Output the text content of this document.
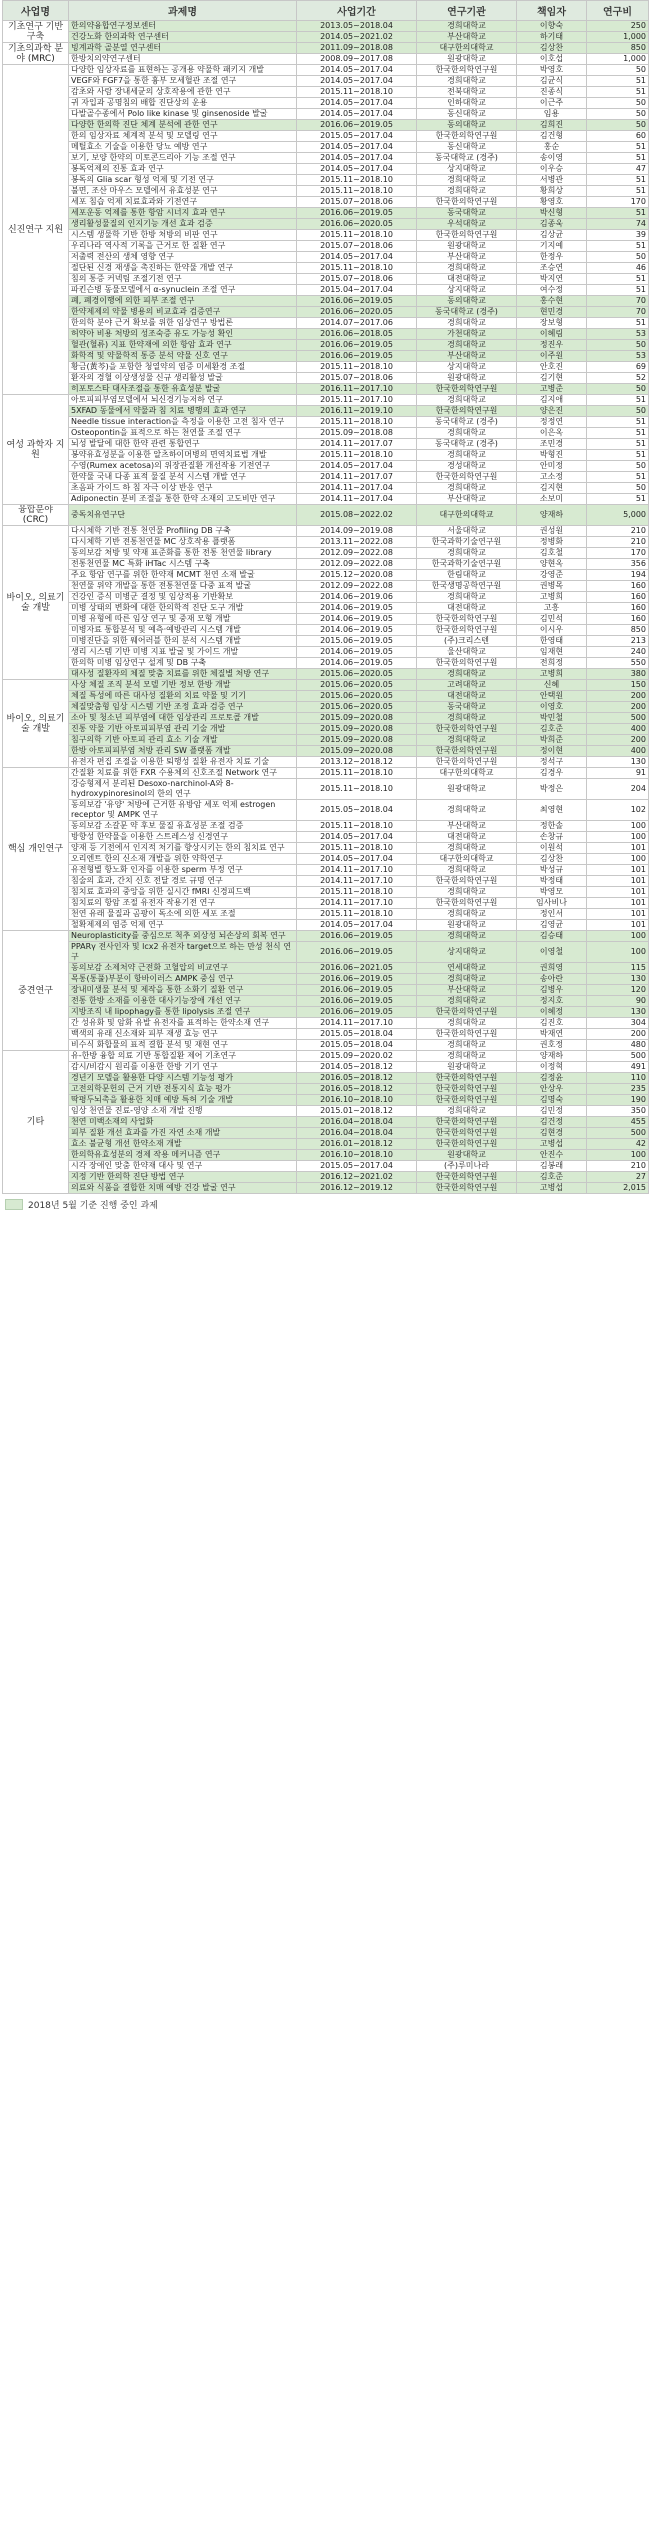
사업명	과제명	사업기간	연구기관	책임자	연구비
기초연구 기반구축	한의약융합연구정보센터	2013.05~2018.04	경희대학교	이향숙	250
	건강노화 한의과학 연구센터	2014.05~2021.02	부산대학교	하기태	1,000
기초의과학 분야 (MRC)	빙계과학 골분열 연구센터	2011.09~2018.08	대구한의대학교	김상찬	850
	한방치의약연구센터	2008.09~2017.08	원광대학교	이호섭	1,000
신진연구 지원	다양한 임상자료를 표현하는 공개용 약물학 패키지 개발	2014.05~2017.04	한국한의학연구원	박영호	50
	VEGF와 FGF7을 통한 흉부 모세혈관 조절 연구	2014.05~2017.04	경희대학교	김균식	51
	감초와 사람 장내세균의 상호작용에 관한 연구	2015.11~2018.10	전북대학교	진종식	51
	귀 자입과 공명침의 배합 진단상의 운용	2014.05~2017.04	인하대학교	이근주	50
	다발골수종에서 Polo like kinase 및 ginsenoside 발굴	2014.05~2017.04	동신대학교	임용	50
	다양한 한의학 진단 체계 분석에 관한 연구	2016.06~2019.05	동의대학교	김희진	50
	한의 임상자료 체계적 분석 및 모델링 연구	2015.05~2017.04	한국한의학연구원	김건형	60
	메틸효소 기술을 이용한 당뇨 예방 연구	2014.05~2017.04	동신대학교	홍순	51
	보기, 보양 한약의 미토콘드리아 기능 조절 연구	2014.05~2017.04	동국대학교 (경주)	송이영	51
	봉독억제의 진통 효과 연구	2014.05~2017.04	상지대학교	이우승	47
	봉독의 Glia scar 형성 억제 및 기전 연구	2015.11~2018.10	경희대학교	서병관	51
	불면, 조산 마우스 모델에서 유효성분 연구	2015.11~2018.10	경희대학교	황희상	51
	세포 침습 억제 치료효과와 기전연구	2015.07~2018.06	한국한의학연구원	황영호	170
	세포운동 억제를 통한 항암 시너지 효과 연구	2016.06~2019.05	동국대학교	박신형	51
	생리활성물질의 인지기능 개선 효과 검증	2016.06~2020.05	우석대학교	김종욱	74
	시스템 생물학 기반 한방 처방의 비판 연구	2015.11~2018.10	한국한의학연구원	김상균	39
	우리나라 역사적 기록을 근거로 한 질환 연구	2015.07~2018.06	원광대학교	기지예	51
	저출력 전산의 생체 영향 연구	2014.05~2017.04	부산대학교	한정우	50
	절단된 신경 재생을 촉진하는 한약물 개발 연구	2015.11~2018.10	경희대학교	조승연	46
	침의 통증 커넥팀 조절기전 연구	2015.07~2018.06	대전대학교	박지연	51
	파킨슨병 동물모델에서 α-synuclein 조절 연구	2015.04~2017.04	상지대학교	여수정	51
	폐, 폐경이행에 의한 피부 조절 연구	2016.06~2019.05	동의대학교	홍수현	70
	한약제제의 약물 병용의 비교효과 검증연구	2016.06~2020.05	동국대학교 (경주)	현민경	70
	한의학 분야 근거 확보를 위한 임상연구 방법론	2014.07~2017.06	경희대학교	장보형	51
	허약아 비용 처방의 성조숙증 유도 가능성 확인	2016.06~2018.05	가천대학교	이혜림	53
	혈관(혈류) 지표 한약재에 의한 항암 효과 연구	2016.06~2019.05	경희대학교	정진우	50
	화학적 및 약물학적 통증 분석 약물 신호 연구	2016.06~2019.05	부산대학교	이주원	53
	황금(黃芩)을 포함한 청열약의 염증 미세환경 조절	2015.11~2018.10	상지대학교	안호진	69
	환자의 경혈 이상생성물 신규 생리활성 발굴	2015.07~2018.06	원광대학교	김기현	52
	히포토스타 대사조절을 통한 유효성분 발굴	2016.11~2017.10	한국한의학연구원	고병준	50
여성 과학자 지원	아토피피부염모델에서 뇌신경기능저하 연구	2015.11~2017.10	경희대학교	김지애	51
	5XFAD 동물에서 약물과 침 치료 병행의 효과 연구	2016.11~2019.10	한국한의학연구원	양은진	50
	Needle tissue interaction을 측정을 이용한 고전 침자 연구	2015.11~2018.10	동국대학교 (경주)	정정연	51
	Osteopontin을 표적으로 하는 천연물 조절 연구	2015.09~2018.08	경희대학교	이은옥	51
	뇌성 발달에 대한 한약 관련 통합연구	2014.11~2017.07	동국대학교 (경주)	조민경	51
	봉약유효성분을 이용한 알츠하이머병의 면역치료법 개발	2015.11~2018.10	경희대학교	박형진	51
	수영(Rumex acetosa)의 위장관질환 개선작용 기전연구	2014.05~2017.04	경성대학교	안미정	50
	한약물 국내 다종 표적 물질 분석 시스템 개발 연구	2014.11~2017.07	한국한의학연구원	고소정	51
	초음파 가이드 하 침 자극 이상 반응 연구	2014.11~2017.04	경희대학교	김지현	50
	Adiponectin 분비 조절을 통한 한약 소재의 고도비만 연구	2014.11~2017.04	부산대학교	소보미	51
융합분야 (CRC)	중독치유연구단	2015.08~2022.02	대구한의대학교	양재하	5,000
바이오, 의료기술 개발	다시체학 기반 전통 천연물 Profiling DB 구축	2014.09~2019.08	서울대학교	권성원	210
	다시체학 기반 전통천연물 MC 상호작용 플랫폼	2013.11~2022.08	한국과학기술연구원	정병화	210
	동의보감 처방 및 약재 표준화를 통한 전통 천연물 library	2012.09~2022.08	경희대학교	김호철	170
	전통천연물 MC 특화 iHTac 시스템 구축	2012.09~2022.08	한국과학기술연구원	양현옥	356
	주요 항암 연구를 위한 한약재 MCMT 천연 소재 발굴	2015.12~2020.08	한림대학교	강영준	194
	천연물 위약 개발을 통한 전통천연물 다중 표적 발굴	2012.09~2022.08	한국생명공학연구원	권병목	160
	건강인 증식 미병군 결정 및 임상적용 기반확보	2014.06~2019.06	경희대학교	고병희	160
	미병 상태의 변화에 대한 한의학적 진단 도구 개발	2014.06~2019.05	대전대학교	고흥	160
	미병 유형에 따른 임상 연구 및 중재 모형 개발	2014.06~2019.05	한국한의학연구원	김민석	160
	미병자료 통합분석 및 예측·예방관리 시스템 개발	2014.06~2019.05	한국한의학연구원	이시우	850
	미병진단을 위한 웨어러블 한의 분석 시스템 개발	2015.06~2019.05	(주)크리스텐	한영태	213
	생리 시스템 기반 미병 지표 발굴 및 가이드 개발	2014.06~2019.05	울산대학교	임재현	240
	한의학 미병 임상연구 설계 및 DB 구축	2014.06~2019.05	한국한의학연구원	전희정	550
	대사성 질환자의 체질 맞춤 치료를 위한 체질별 처방 연구	2015.06~2020.05	경희대학교	고병희	380
바이오, 의료기술 개발	사상 체질 조직 분석 모델 기반 정보 한방 개발	2015.06~2020.05	고려대학교	신혜	150
	체질 특성에 따른 대사성 질환의 치료 약물 및 기기	2015.06~2020.05	대전대학교	안택원	200
	체질맞춤형 임상 시스템 기반 조정 효과 검증 연구	2015.06~2020.05	동국대학교	이영호	200
	소아 및 청소년 피부염에 대한 임상관리 프로토콜 개발	2015.09~2020.08	경희대학교	박민철	500
	진통 약물 기반 아토피피부염 관리 기술 개발	2015.09~2020.08	한국한의학연구원	김호준	400
	침구의학 기반 아토피 관리 효소 기술 개발	2015.09~2020.08	경희대학교	박희준	200
	한방 아토피피부염 처방 관리 SW 플랫폼 개발	2015.09~2020.08	한국한의학연구원	정이현	400
	유전자 편집 조절을 이용한 퇴행성 질환 유전자 치료 기술	2013.12~2018.12	한국한의학연구원	정석구	130
핵심 개인연구	간질환 치료를 위한 FXR 수용체의 신호조절 Network 연구	2015.11~2018.10	대구한의대학교	김경우	91
	강승형제서 분리된 Desoxo-narchinol-A와 8-hydroxypinoresinol의 한의 연구	2015.11~2018.10	원광대학교	박정은	204
	동의보감 '유양' 처방에 근거한 유방암 세포 억제 estrogen receptor 및 AMPK 연구	2015.05~2018.04	경희대학교	최영현	102
	동의보감 소갈문 약 후보 물질 유효성분 조절 검증	2015.11~2018.10	부산대학교	정한솔	100
	방향성 한약물을 이용한 스트레스성 신경연구	2014.05~2017.04	대전대학교	손창규	100
	양재 등 기전에서 인지적 처기를 향상시키는 한의 침치료 연구	2015.11~2018.10	경희대학교	이원석	101
	오리엔트 한의 신소재 개발을 위한 약학연구	2014.05~2017.04	대구한의대학교	김상찬	100
	유전형별 항노화 인자를 이용한 sperm 부정 연구	2014.11~2017.10	경희대학교	박성규	101
	침술의 효과, 간치 신호 전달 경로 규명 연구	2014.11~2017.10	한국한의학연구원	박정태	101
	침치료 효과의 중앙을 위한 실시간 fMRI 신경피드백	2015.11~2018.10	경희대학교	박영모	101
	침치료의 항암 조절 유전자 작용기전 연구	2014.11~2017.10	한국한의학연구원	임사비나	101
	천연 유래 물질과 곰팡이 독소에 의한 세포 조절	2015.11~2018.10	경희대학교	정인서	101
	철확제제의 염증 억제 연구	2014.05~2017.04	원광대학교	김영균	101
중견연구	Neuroplasticity를 중심으로 척추 외상성 뇌손상의 회복 연구	2016.06~2019.05	경희대학교	김승태	100
	PPARγ 전사인자 및 lcx2 유전자 target으로 하는 만성 천식 연구	2016.06~2019.05	상지대학교	이영철	100
	동의보감 소제처약 근전화 고혈압의 비교연구	2016.06~2021.05	연세대학교	권희영	115
	목통(통풀)부분이 항바이러스 AMPK 중심 연구	2016.06~2019.05	경희대학교	송아란	130
	장내미생물 분석 및 제작을 통한 소화기 질환 연구	2016.06~2019.05	부산대학교	김병우	120
	전통 한방 소재를 이용한 대사기능장애 개선 연구	2016.06~2019.05	경희대학교	정지호	90
	지방조직 내 lipophagy를 통한 lipolysis 조절 연구	2016.06~2019.05	한국한의학연구원	이혜정	130
	간 성유화 및 암화 유발 유전자를 표적하는 한약소재 연구	2014.11~2017.10	경희대학교	김진호	304
	백색의 유래 신소재와 피부 재생 효능 연구	2015.05~2018.04	한국한의학연구원	박재연	200
	비수식 화합물의 표적 결합 분석 및 재현 연구	2015.05~2018.04	경희대학교	권호정	480
기타	유-한방 융합 의료 기반 통합질환 제어 기초연구	2015.09~2020.02	경희대학교	양재하	500
	감시/비감시 원리를 이용한 한방 기기 연구	2014.05~2018.12	원광대학교	이정혁	491
	경년기 모델을 활용한 다양 시스템 기능성 평가	2016.05~2018.12	한국한의학연구원	김정윤	110
	고전의학문헌의 근거 기반 전통지식 효능 평가	2016.05~2018.12	한국한의학연구원	안상우	235
	딱평두뇌촉을 활용한 치매 예방 특허 기술 개발	2016.10~2018.10	한국한의학연구원	김명숙	190
	임상 천연물 진료-영양 소재 개발 진행	2015.01~2018.12	경희대학교	김민정	350
	천연 미백소재의 사업화	2016.04~2018.04	한국한의학연구원	김건정	455
	피부 질환 개선 효과를 가진 자연 소재 개발	2016.04~2018.04	한국한의학연구원	김현경	500
	효소 불균형 개선 한약소재 개발	2016.01~2018.12	한국한의학연구원	고병섭	42
	한의학유효성분의 경제 작용 메커니즘 연구	2016.10~2018.10	원광대학교	안진수	100
	시각 장애인 맞춤 한약재 대사 및 연구	2015.05~2017.04	(주)루미나라	김봉래	210
	지정 기반 한의학 진단 방법 연구	2016.12~2021.02	한국한의학연구원	김호준	27
	의료와 식품을 결합한 치매 예방 건강 발굴 연구	2016.12~2019.12	한국한의학연구원	고병섭	2,015
2018년 5월 기준 진행 중인 과제
